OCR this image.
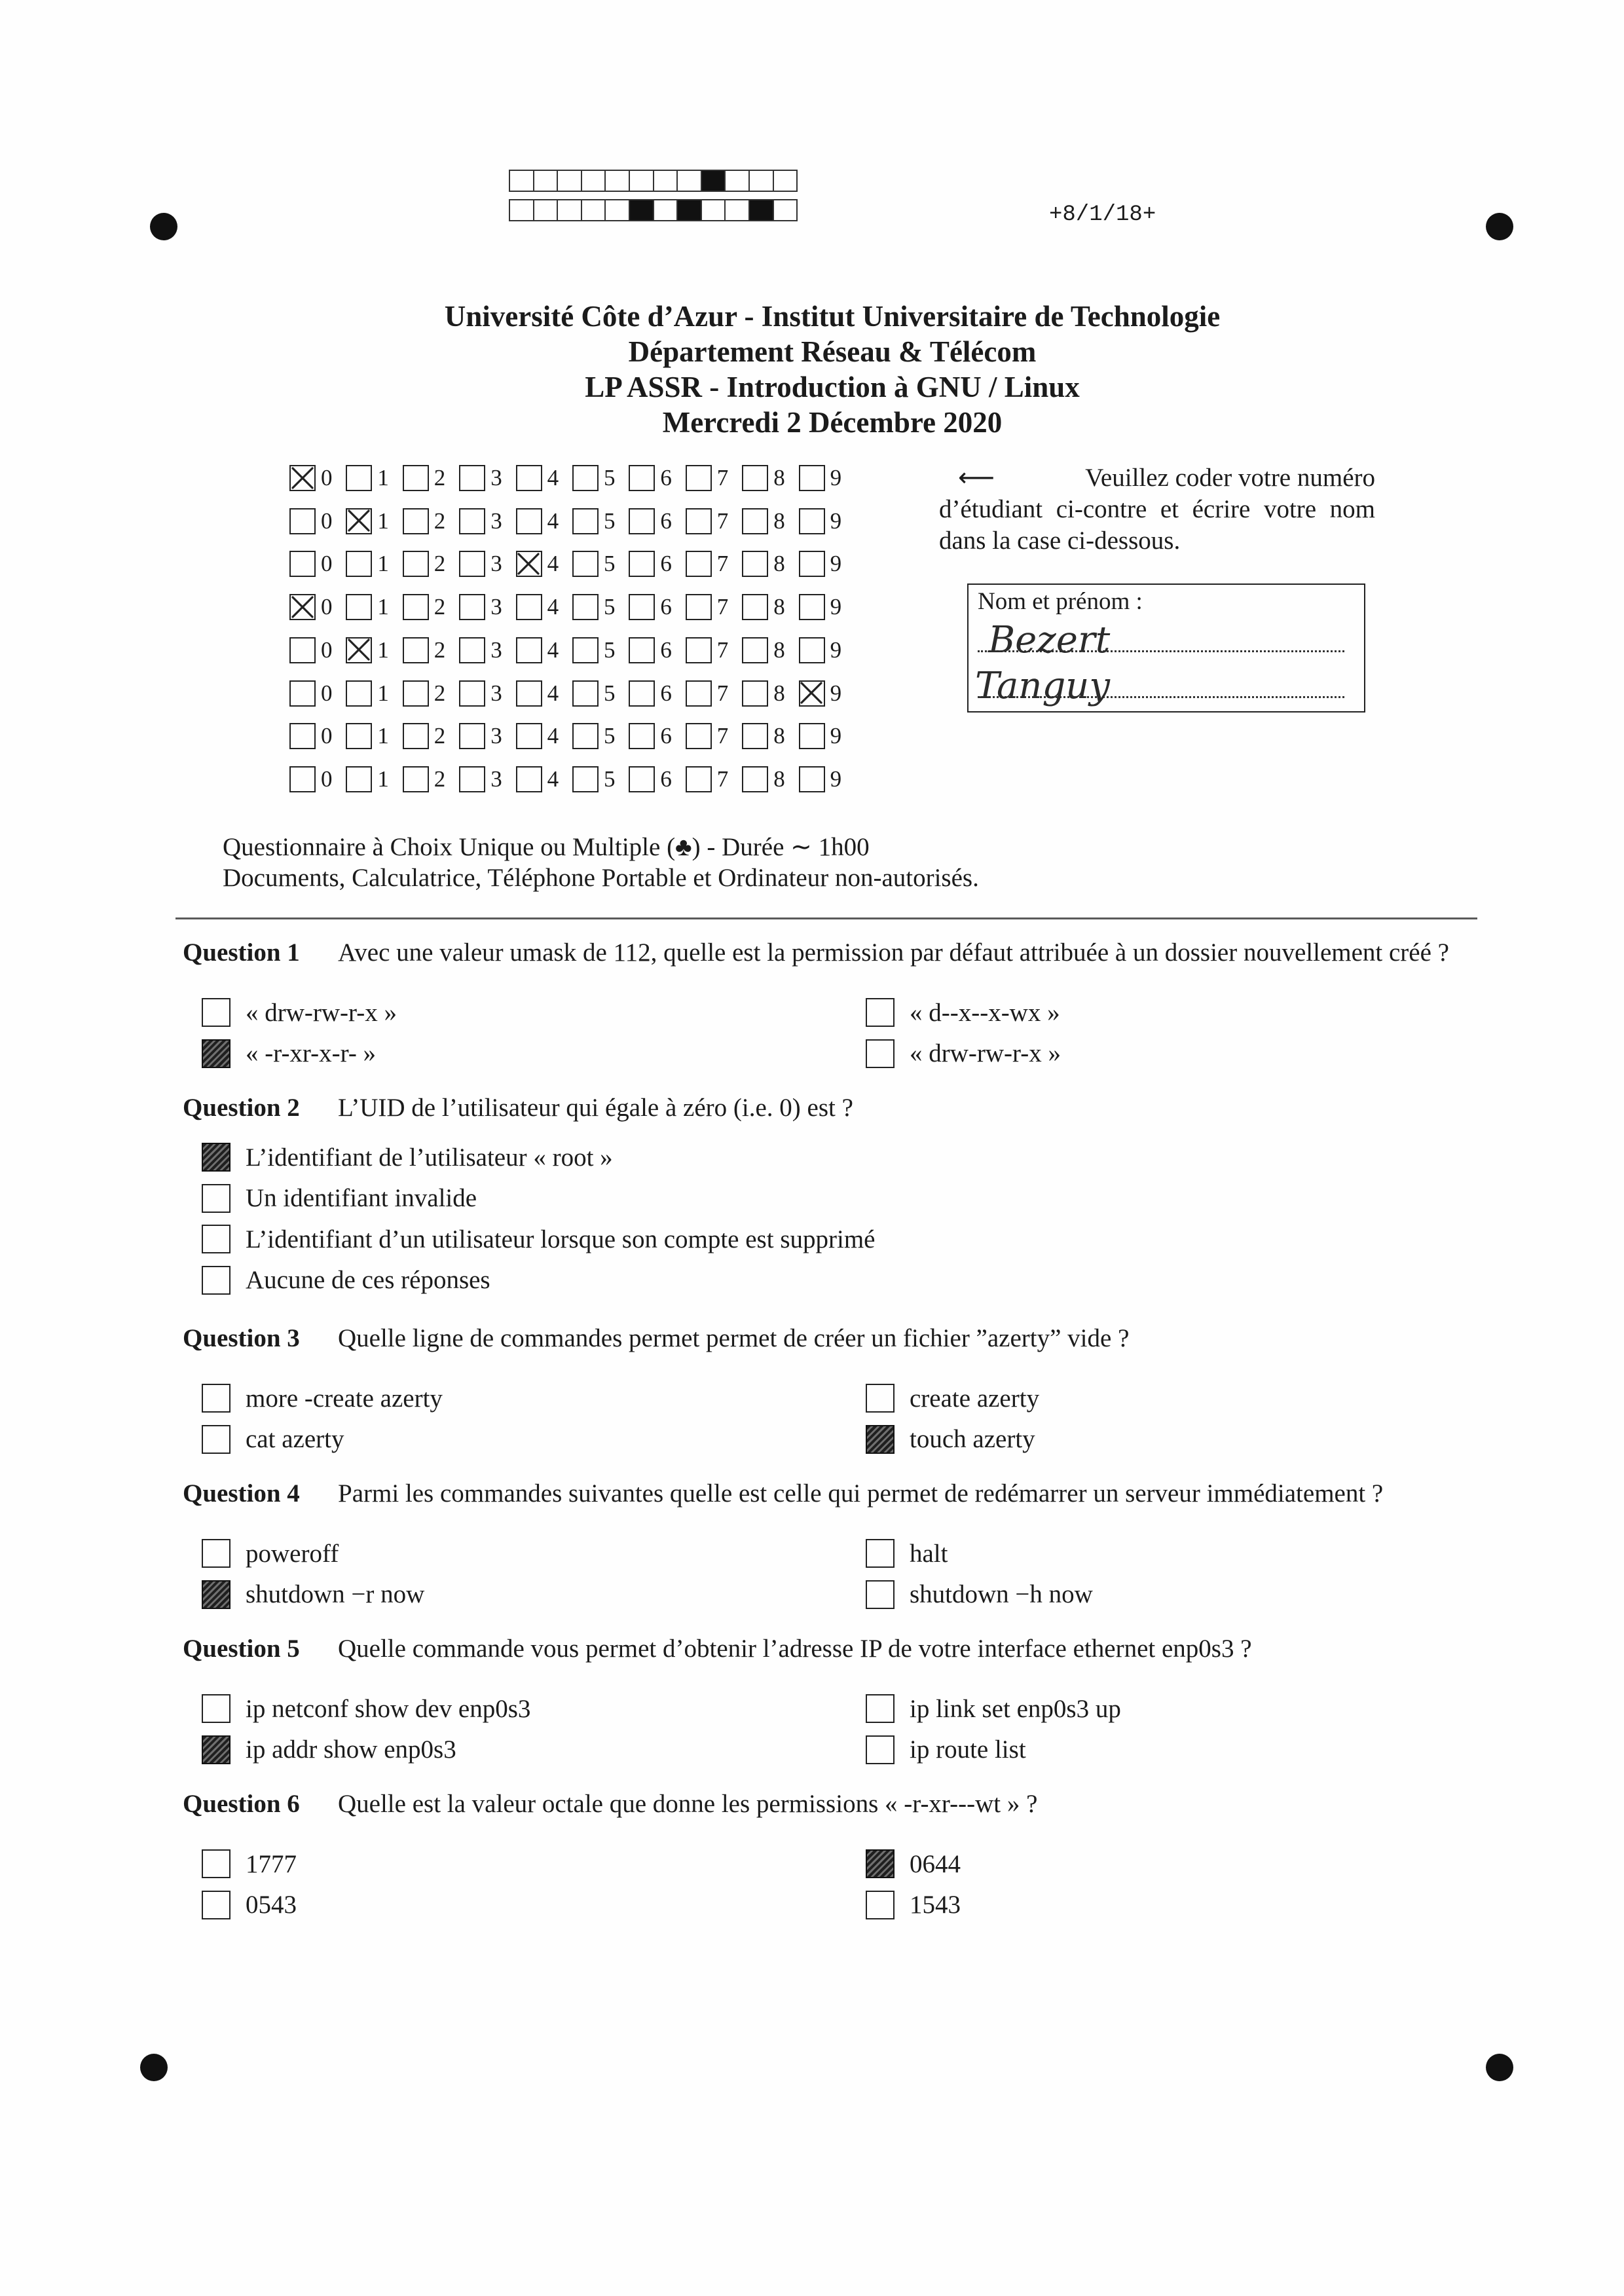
+8/1/18+
Université Côte d’Azur - Institut Universitaire de Technologie
Département Réseau & Télécom
LP ASSR - Introduction à GNU / Linux
Mercredi 2 Décembre 2020
0 1 2 3 4 5 6 7 8 9
0 1 2 3 4 5 6 7 8 9
0 1 2 3 4 5 6 7 8 9
0 1 2 3 4 5 6 7 8 9
0 1 2 3 4 5 6 7 8 9
0 1 2 3 4 5 6 7 8 9
0 1 2 3 4 5 6 7 8 9
0 1 2 3 4 5 6 7 8 9
⟵	Veuillez coder votre numéro
d’étudiant ci-contre et écrire votre nom
dans la case ci-dessous.
Nom et prénom :
Bezert
Tanguy
Questionnaire à Choix Unique ou Multiple (♣) - Durée ∼ 1h00
Documents, Calculatrice, Téléphone Portable et Ordinateur non-autorisés.
Question 1	Avec une valeur umask de 112, quelle est la permission par défaut attribuée à un dossier nouvellement créé ?
« drw-rw-r-x »
« -r-xr-x-r- »
« d--x--x-wx »
« drw-rw-r-x »
Question 2	L’UID de l’utilisateur qui égale à zéro (i.e. 0) est ?
L’identifiant de l’utilisateur « root »
Un identifiant invalide
L’identifiant d’un utilisateur lorsque son compte est supprimé
Aucune de ces réponses
Question 3	Quelle ligne de commandes permet permet de créer un fichier ”azerty” vide ?
more -create azerty
cat azerty
create azerty
touch azerty
Question 4	Parmi les commandes suivantes quelle est celle qui permet de redémarrer un serveur immédiatement ?
poweroff
shutdown −r now
halt
shutdown −h now
Question 5	Quelle commande vous permet d’obtenir l’adresse IP de votre interface ethernet enp0s3 ?
ip netconf show dev enp0s3
ip addr show enp0s3
ip link set enp0s3 up
ip route list
Question 6	Quelle est la valeur octale que donne les permissions « -r-xr---wt » ?
1777
0543
0644
1543
